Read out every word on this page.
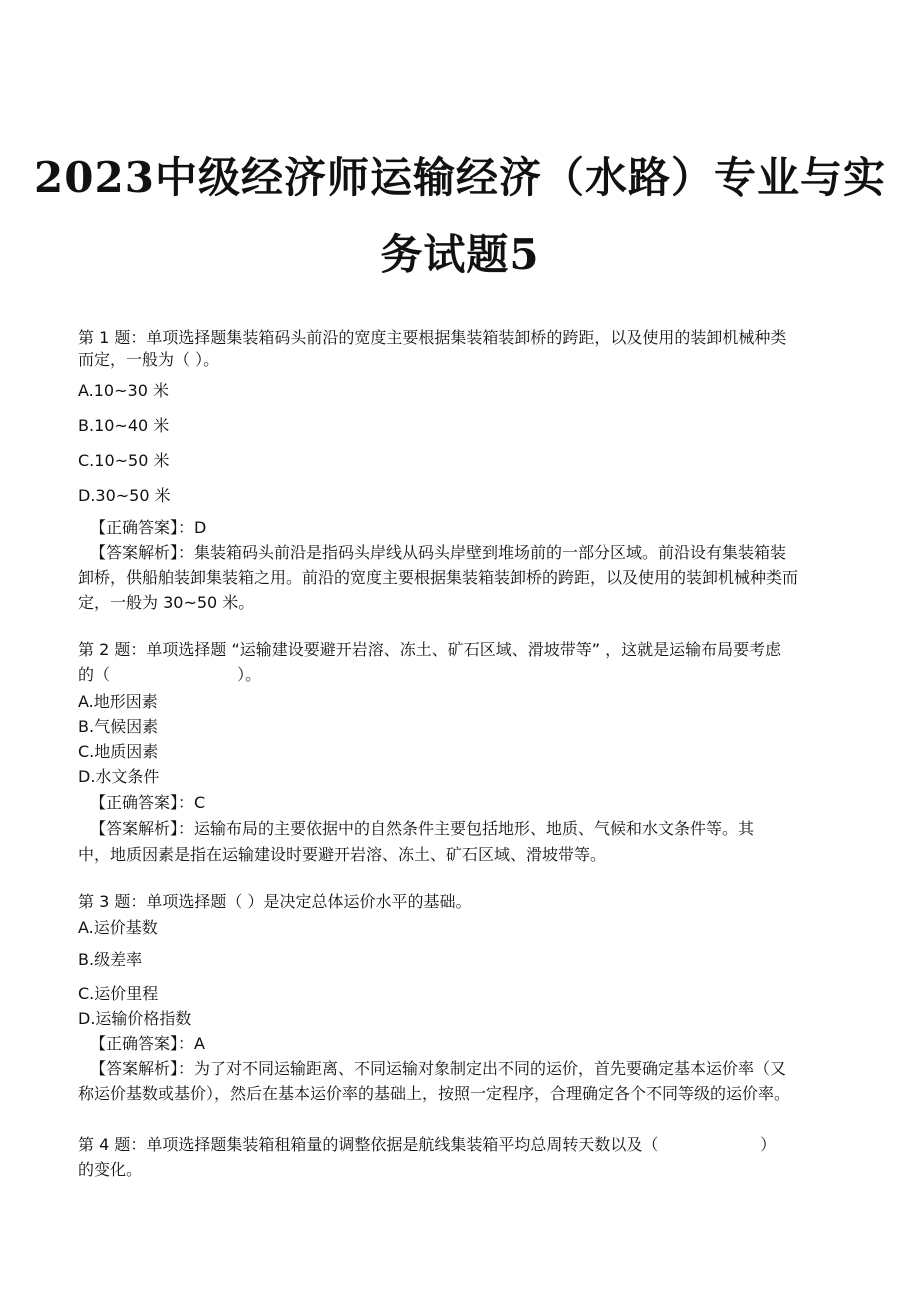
2023中级经济师运输经济（水路）专业与实
务试题5
第 1 题：单项选择题集装箱码头前沿的宽度主要根据集装箱装卸桥的跨距，以及使用的装卸机械种类
而定，一般为（ ）。
A.10~30 米
B.10~40 米
C.10~50 米
D.30~50 米
【正确答案】：D
【答案解析】：集装箱码头前沿是指码头岸线从码头岸壁到堆场前的一部分区域。前沿设有集装箱装
卸桥，供船舶装卸集装箱之用。前沿的宽度主要根据集装箱装卸桥的跨距，以及使用的装卸机械种类而
定，一般为 30~50 米。
第 2 题：单项选择题 “运输建设要避开岩溶、冻土、矿石区域、滑坡带等” ，这就是运输布局要考虑
的（                         ）。
A.地形因素
B.气候因素
C.地质因素
D.水文条件
【正确答案】：C
【答案解析】：运输布局的主要依据中的自然条件主要包括地形、地质、气候和水文条件等。其
中，地质因素是指在运输建设时要避开岩溶、冻土、矿石区域、滑坡带等。
第 3 题：单项选择题（ ）是决定总体运价水平的基础。
A.运价基数
B.级差率
C.运价里程
D.运输价格指数
【正确答案】：A
【答案解析】：为了对不同运输距离、不同运输对象制定出不同的运价，首先要确定基本运价率（又
称运价基数或基价），然后在基本运价率的基础上，按照一定程序，合理确定各个不同等级的运价率。
第 4 题：单项选择题集装箱租箱量的调整依据是航线集装箱平均总周转天数以及（                    ）
的变化。
